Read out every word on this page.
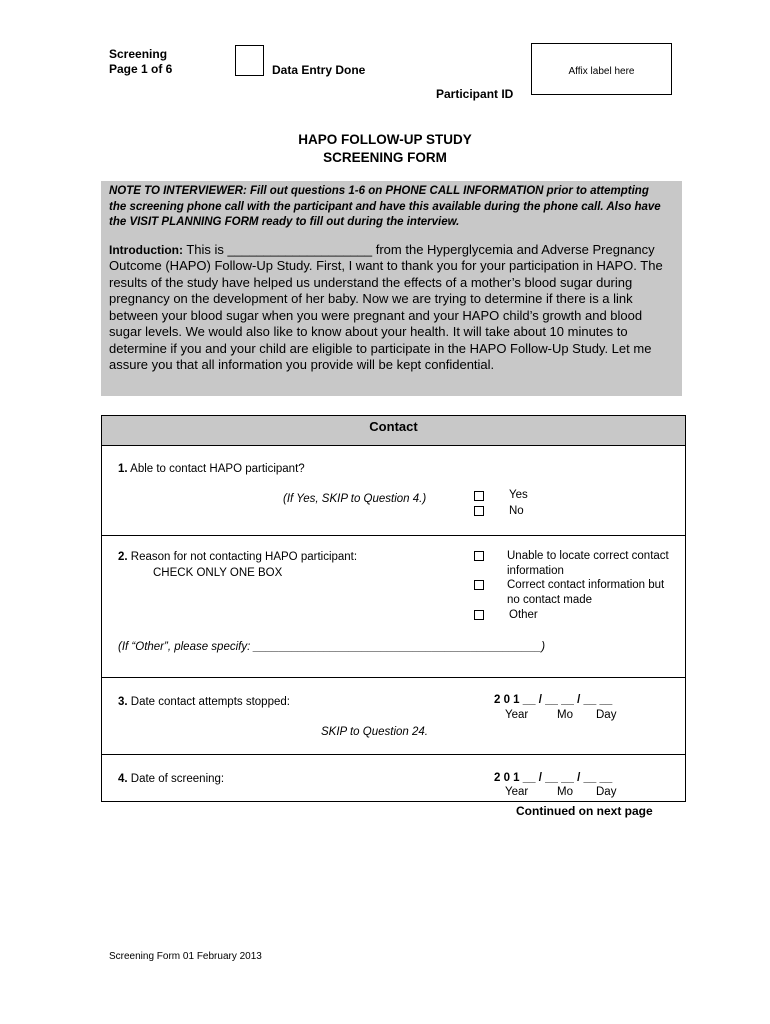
Screening
Page 1 of 6	Data Entry Done	Affix label here
Participant ID
HAPO FOLLOW-UP STUDY
SCREENING FORM
NOTE TO INTERVIEWER: Fill out questions 1-6 on PHONE CALL INFORMATION prior to attempting the screening phone call with the participant and have this available during the phone call. Also have the VISIT PLANNING FORM ready to fill out during the interview.
Introduction: This is ____________________ from the Hyperglycemia and Adverse Pregnancy Outcome (HAPO) Follow-Up Study. First, I want to thank you for your participation in HAPO. The results of the study have helped us understand the effects of a mother’s blood sugar during pregnancy on the development of her baby. Now we are trying to determine if there is a link between your blood sugar when you were pregnant and your HAPO child’s growth and blood sugar levels. We would also like to know about your health. It will take about 10 minutes to determine if you and your child are eligible to participate in the HAPO Follow-Up Study. Let me assure you that all information you provide will be kept confidential.
Contact
1. Able to contact HAPO participant?
(If Yes, SKIP to Question 4.)	Yes
No
2. Reason for not contacting HAPO participant:
CHECK ONLY ONE BOX
Unable to locate correct contact information
Correct contact information but no contact made
Other
(If “Other”, please specify: _____________________________________________)
3. Date contact attempts stopped:	2 0 1 __ / __ __ / __ __
Year	Mo Day
SKIP to Question 24.
4. Date of screening:	2 0 1 __ / __ __ / __ __
Year	Mo Day
Continued on next page
Screening Form 01 February 2013
